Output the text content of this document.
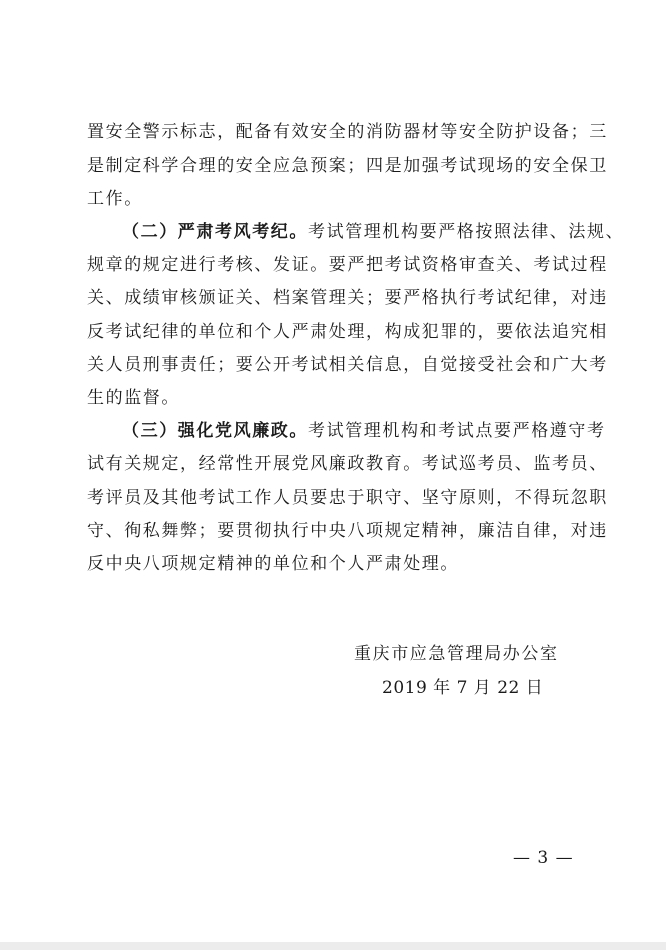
置安全警示标志，配备有效安全的消防器材等安全防护设备；三
是制定科学合理的安全应急预案；四是加强考试现场的安全保卫
工作。
（二）严肃考风考纪。考试管理机构要严格按照法律、法规、
规章的规定进行考核、发证。要严把考试资格审查关、考试过程
关、成绩审核颁证关、档案管理关；要严格执行考试纪律，对违
反考试纪律的单位和个人严肃处理，构成犯罪的，要依法追究相
关人员刑事责任；要公开考试相关信息，自觉接受社会和广大考
生的监督。
（三）强化党风廉政。考试管理机构和考试点要严格遵守考
试有关规定，经常性开展党风廉政教育。考试巡考员、监考员、
考评员及其他考试工作人员要忠于职守、坚守原则，不得玩忽职
守、徇私舞弊；要贯彻执行中央八项规定精神，廉洁自律，对违
反中央八项规定精神的单位和个人严肃处理。
重庆市应急管理局办公室
2019 年 7 月 22 日
— 3 —
